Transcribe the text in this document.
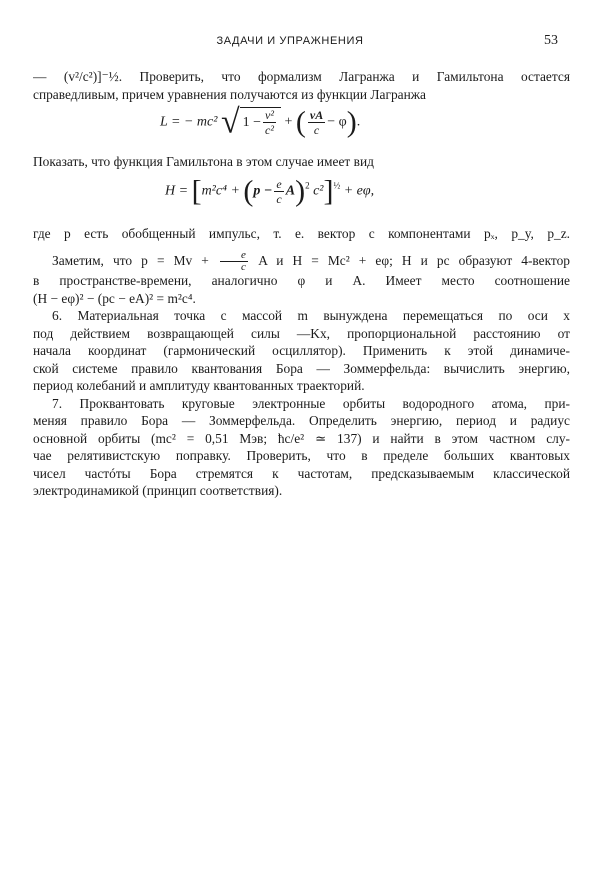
ЗАДАЧИ И УПРАЖНЕНИЯ	53
— (v²/c²)]⁻½. Проверить, что формализм Лагранжа и Гамильтона остается
справедливым, причем уравнения получаются из функции Лагранжа
L = − mc² √ $1 - \frac{\text{v²}}{\text{c²}}$ + ( $\frac{vA}{c} - \varphi$).
Показать, что функция Гамильтона в этом случае имеет вид
$H = [m^2c^4 + (p - \frac{e}{c} A)^2$ c²]$^{\frac{1}{2}}$ + eφ,
где p есть обобщенный импульс, т. е. вектор с компонентами pₓ, p_y, p_z.
Заметим, что $p = Mv + \frac{e}{c}$ A и H = Mc² + eφ; H и pc образуют 4-вектор
в пространстве-времени, аналогично φ и A. Имеет место соотношение
(H − eφ)² − (pc − eA)² = m²c⁴.
6. Материальная точка с массой m вынуждена перемещаться по оси x
под действием возвращающей силы —Kx, пропорциональной расстоянию от
начала координат (гармонический осциллятор). Применить к этой динамиче-
ской системе правило квантования Бора — Зоммерфельда: вычислить энергию,
период колебаний и амплитуду квантованных траекторий.
7. Проквантовать круговые электронные орбиты водородного атома, при-
меняя правило Бора — Зоммерфельда. Определить энергию, период и радиус
основной орбиты (mc² = 0,51 Мэв; ħc/e² ≃ 137) и найти в этом частном слу-
чае релятивистскую поправку. Проверить, что в пределе больших квантовых
чисел частóты Бора стремятся к частотам, предсказываемым классической
электродинамикой (принцип соответствия).
